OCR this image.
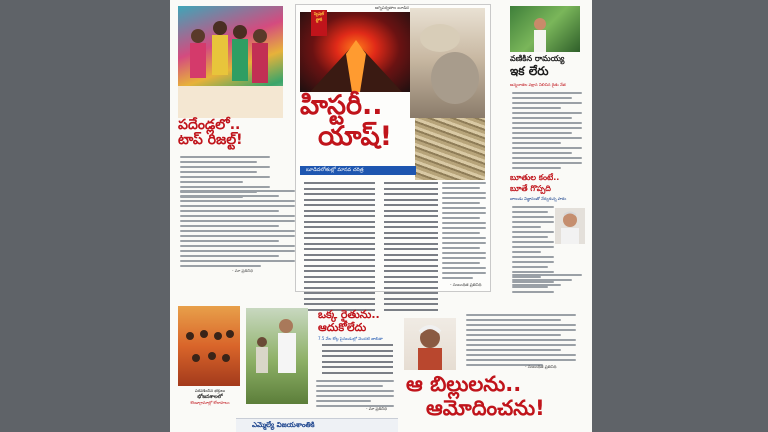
పదేండ్లలో..
టాప్ రిజల్ట్!
- మా ప్రతినిధి
అగ్నిపర్వతాల బూడిద
స్పెషల్ స్టోరీ
హిస్టరీ..
యాష్!
బూడిదలోతుల్లో మానవ చరిత్ర
- సంబంధిత ప్రతినిధి
వణికిన రామయ్య
ఇక లేరు
అన్నదాతల పక్షాన నిలిచిన రైతు నేత
బూతుల కంటే..
బూతే గొప్పది
బాలుడు విజ్ఞానంతో నేర్చుకున్న పాఠం
పరవశించిన భక్తులు
భోజనశాలలో
కొండాగ్రామాల్లో కోలాహలం
ఒక్క రైతును..
ఆదుకోలేదు
7.5 వేల కోట్ల పైనబడుల్లో మొదటి జాబితా
- మా ప్రతినిధి
ఎమ్మెల్యే విజయశాంతికి
- సంబంధిత ప్రతినిధి
ఆ బిల్లులను..
ఆమోదించను!
